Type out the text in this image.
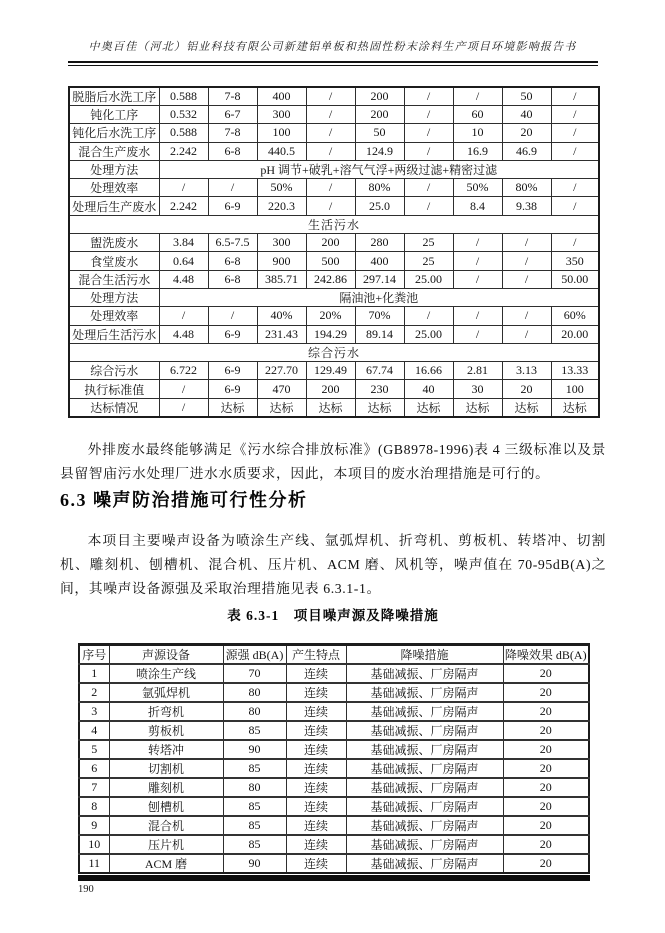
中奥百佳（河北）铝业科技有限公司新建铝单板和热固性粉末涂料生产项目环境影响报告书
脱脂后水洗工序	0.588	7-8	400	/	200	/	/	50	/
钝化工序	0.532	6-7	300	/	200	/	60	40	/
钝化后水洗工序	0.588	7-8	100	/	50	/	10	20	/
混合生产废水	2.242	6-8	440.5	/	124.9	/	16.9	46.9	/
处理方法	pH 调节+破乳+溶气气浮+两级过滤+精密过滤								
处理效率	/	/	50%	/	80%	/	50%	80%	/
处理后生产废水	2.242	6-9	220.3	/	25.0	/	8.4	9.38	/
生活污水									
盥洗废水	3.84	6.5-7.5	300	200	280	25	/	/	/
食堂废水	0.64	6-8	900	500	400	25	/	/	350
混合生活污水	4.48	6-8	385.71	242.86	297.14	25.00	/	/	50.00
处理方法	隔油池+化粪池								
处理效率	/	/	40%	20%	70%	/	/	/	60%
处理后生活污水	4.48	6-9	231.43	194.29	89.14	25.00	/	/	20.00
综合污水									
综合污水	6.722	6-9	227.70	129.49	67.74	16.66	2.81	3.13	13.33
执行标准值	/	6-9	470	200	230	40	30	20	100
达标情况	/	达标	达标	达标	达标	达标	达标	达标	达标

外排废水最终能够满足《污水综合排放标准》(GB8978-1996)表 4 三级标准以及景县留智庙污水处理厂进水水质要求，因此，本项目的废水治理措施是可行的。

6.3 噪声防治措施可行性分析

本项目主要噪声设备为喷涂生产线、氩弧焊机、折弯机、剪板机、转塔冲、切割机、雕刻机、刨槽机、混合机、压片机、ACM 磨、风机等，噪声值在 70-95dB(A)之间，其噪声设备源强及采取治理措施见表 6.3.1-1。

表 6.3-1　项目噪声源及降噪措施
序号	声源设备	源强 dB(A)	产生特点	降噪措施	降噪效果 dB(A)
1	喷涂生产线	70	连续	基础减振、厂房隔声	20
2	氩弧焊机	80	连续	基础减振、厂房隔声	20
3	折弯机	80	连续	基础减振、厂房隔声	20
4	剪板机	85	连续	基础减振、厂房隔声	20
5	转塔冲	90	连续	基础减振、厂房隔声	20
6	切割机	85	连续	基础减振、厂房隔声	20
7	雕刻机	80	连续	基础减振、厂房隔声	20
8	刨槽机	85	连续	基础减振、厂房隔声	20
9	混合机	85	连续	基础减振、厂房隔声	20
10	压片机	85	连续	基础减振、厂房隔声	20
11	ACM 磨	90	连续	基础减振、厂房隔声	20
190
